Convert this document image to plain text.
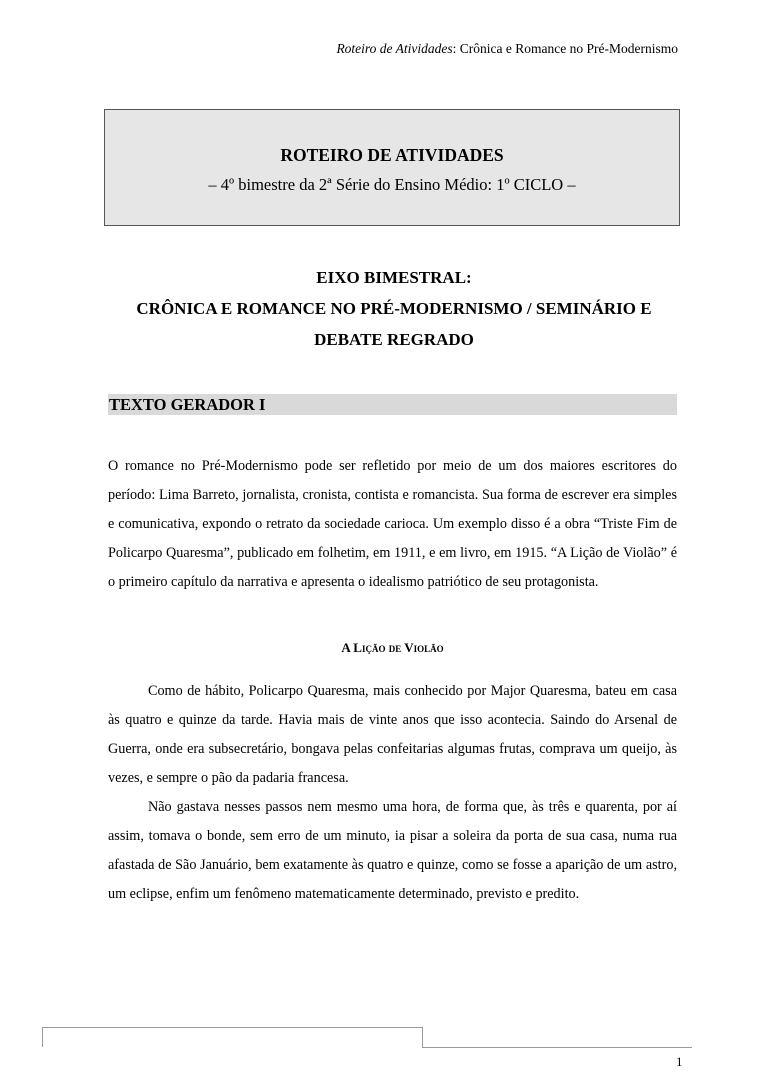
Roteiro de Atividades: Crônica e Romance no Pré-Modernismo
ROTEIRO DE ATIVIDADES
– 4º bimestre da 2ª Série do Ensino Médio: 1º CICLO –
EIXO BIMESTRAL:
CRÔNICA E ROMANCE NO PRÉ-MODERNISMO / SEMINÁRIO E
DEBATE REGRADO
TEXTO GERADOR I

O romance no Pré-Modernismo pode ser refletido por meio de um dos maiores escritores do período: Lima Barreto, jornalista, cronista, contista e romancista. Sua forma de escrever era simples e comunicativa, expondo o retrato da sociedade carioca. Um exemplo disso é a obra “Triste Fim de Policarpo Quaresma”, publicado em folhetim, em 1911, e em livro, em 1915. “A Lição de Violão” é o primeiro capítulo da narrativa e apresenta o idealismo patriótico de seu protagonista.

A Lição de Violão

Como de hábito, Policarpo Quaresma, mais conhecido por Major Quaresma, bateu em casa às quatro e quinze da tarde. Havia mais de vinte anos que isso acontecia. Saindo do Arsenal de Guerra, onde era subsecretário, bongava pelas confeitarias algumas frutas, comprava um queijo, às vezes, e sempre o pão da padaria francesa.

Não gastava nesses passos nem mesmo uma hora, de forma que, às três e quarenta, por aí assim, tomava o bonde, sem erro de um minuto, ia pisar a soleira da porta de sua casa, numa rua afastada de São Januário, bem exatamente às quatro e quinze, como se fosse a aparição de um astro, um eclipse, enfim um fenômeno matematicamente determinado, previsto e predito.

1
